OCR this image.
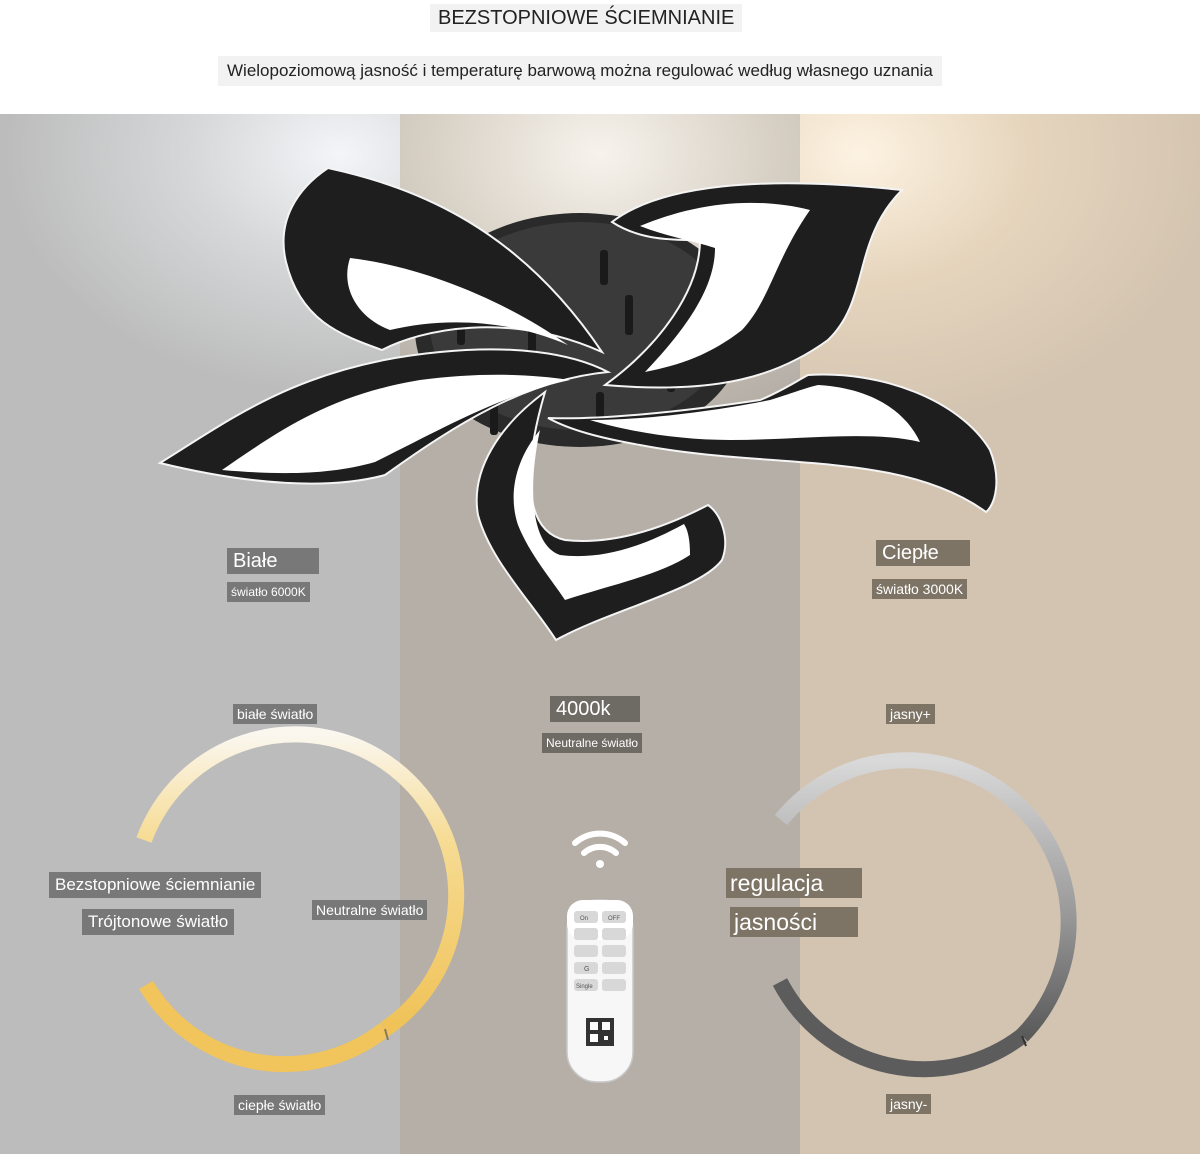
BEZSTOPNIOWE ŚCIEMNIANIE
Wielopoziomową jasność i temperaturę barwową można regulować według własnego uznania
On	OFF
G
Single
Białe
światło 6000K
Ciepłe
światło 3000K
4000k
Neutralne światło
białe światło
ciepłe światło
Neutralne światło
Bezstopniowe ściemnianie
Trójtonowe światło
jasny+
jasny-
regulacja
jasności
